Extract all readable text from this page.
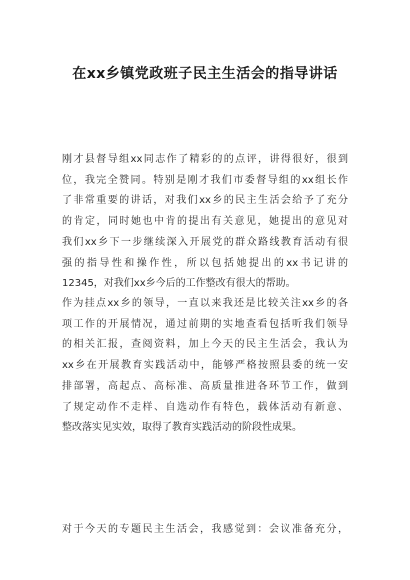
在xx乡镇党政班子民主生活会的指导讲话
刚才县督导组xx同志作了精彩的的点评，讲得很好，很到
位，我完全赞同。特别是刚才我们市委督导组的xx组长作
了非常重要的讲话，对我们xx乡的民主生活会给予了充分
的肯定，同时她也中肯的提出有关意见，她提出的意见对
我们xx乡下一步继续深入开展党的群众路线教育活动有很
强的指导性和操作性，所以包括她提出的xx书记讲的
12345，对我们xx乡今后的工作整改有很大的帮助。
作为挂点xx乡的领导，一直以来我还是比较关注xx乡的各
项工作的开展情况，通过前期的实地查看包括听我们领导
的相关汇报，查阅资料，加上今天的民主生活会，我认为
xx乡在开展教育实践活动中，能够严格按照县委的统一安
排部署，高起点、高标准、高质量推进各环节工作，做到
了规定动作不走样、自选动作有特色，载体活动有新意、
整改落实见实效，取得了教育实践活动的阶段性成果。
对于今天的专题民主生活会，我感觉到：会议准备充分，
